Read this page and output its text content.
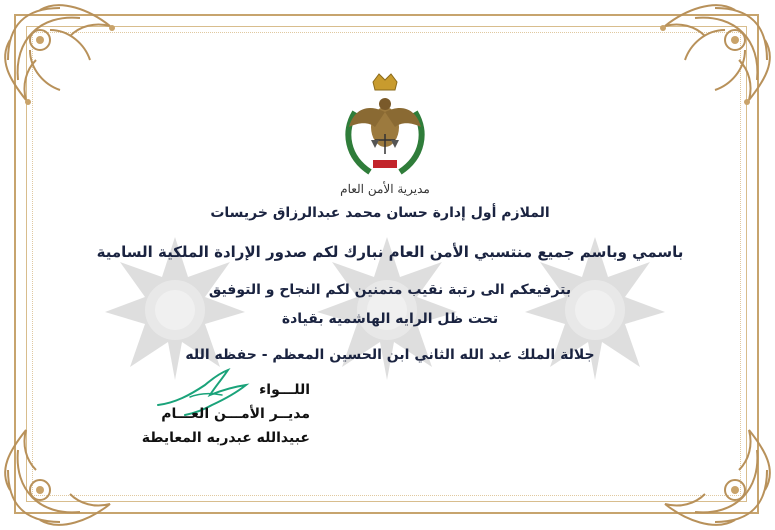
مديرية الأمن العام
الملازم أول إدارة حسان محمد عبدالرزاق خريسات
باسمي وباسم جميع منتسبي الأمن العام نبارك لكم صدور الإرادة الملكية السامية
بترفيعكم الى رتبة نقيب متمنين لكم النجاح و التوفيق
تحت ظل الرايه الهاشميه بقيادة
جلالة الملك عبد الله الثاني ابن الحسين المعظم - حفظه الله
اللـــواء
مديــر الأمـــن العـــام
عبيدالله عبدربه المعايطة
